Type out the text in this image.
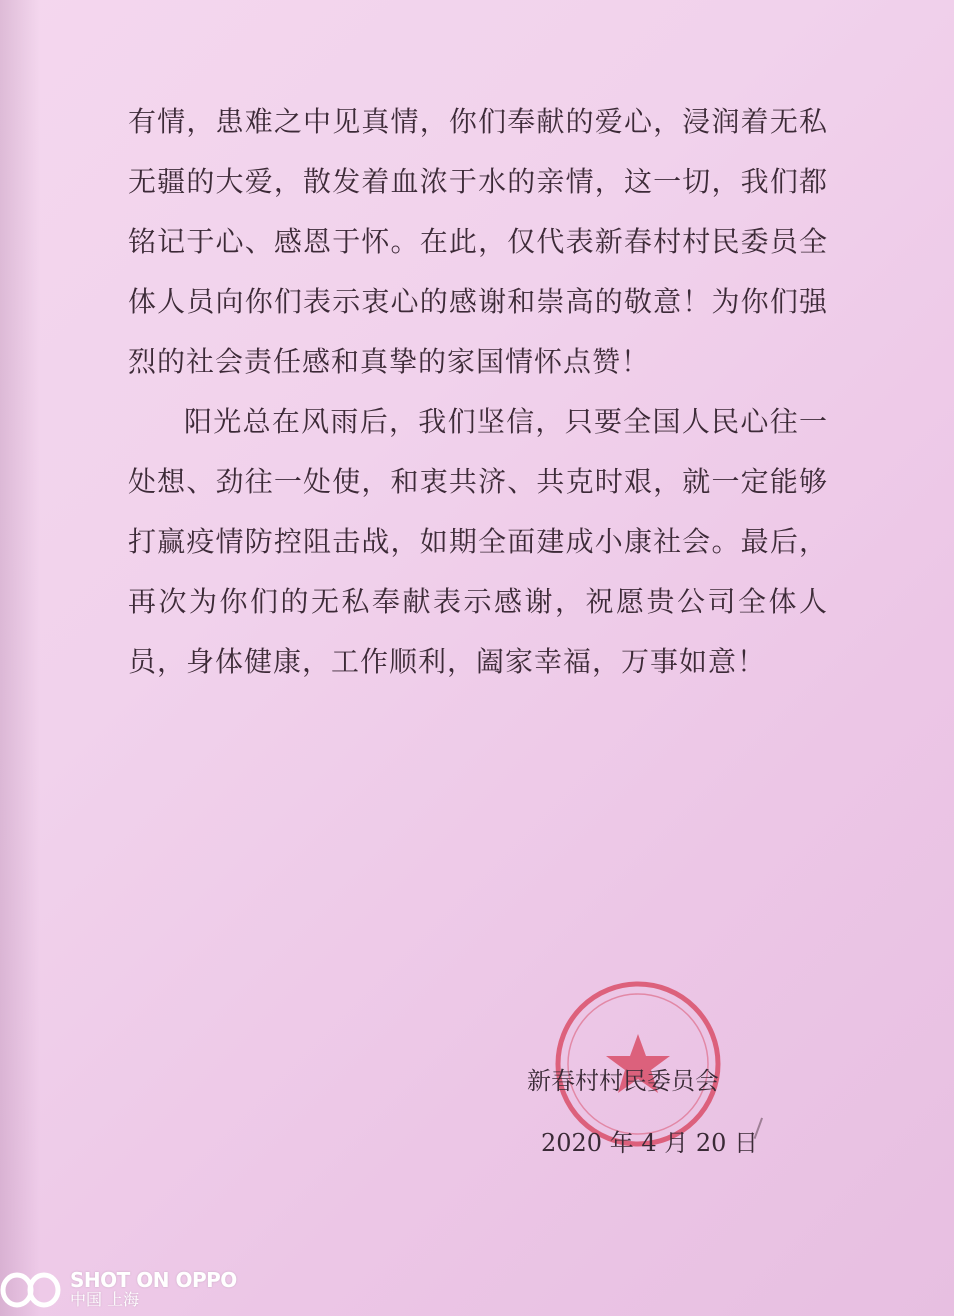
有情，患难之中见真情，你们奉献的爱心，浸润着无私无疆的大爱，散发着血浓于水的亲情，这一切，我们都铭记于心、感恩于怀。在此，仅代表新春村村民委员全体人员向你们表示衷心的感谢和崇高的敬意！为你们强烈的社会责任感和真挚的家国情怀点赞！

阳光总在风雨后，我们坚信，只要全国人民心往一处想、劲往一处使，和衷共济、共克时艰，就一定能够打赢疫情防控阻击战，如期全面建成小康社会。最后，再次为你们的无私奉献表示感谢，祝愿贵公司全体人员，身体健康，工作顺利，阖家幸福，万事如意！

新春村村民委员会
2020 年 4 月 20 日
SHOT ON OPPO
中国 上海
